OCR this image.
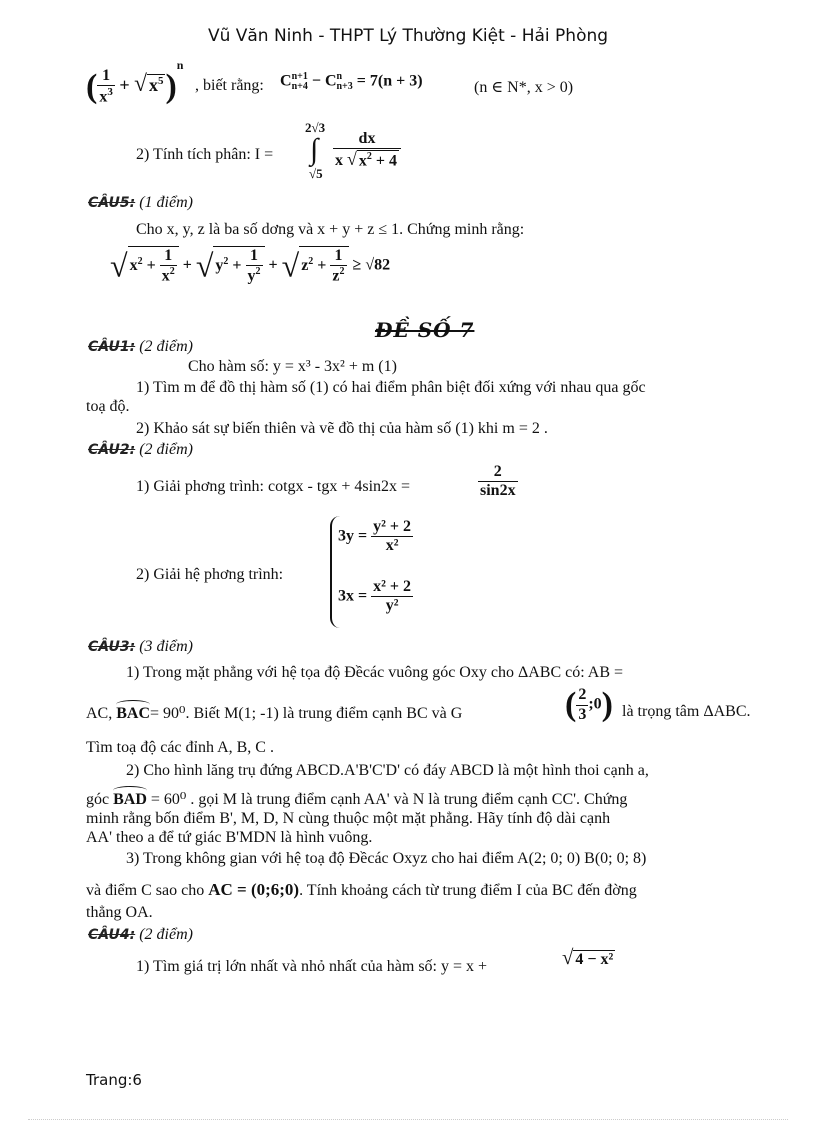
Vũ Văn Ninh - THPT Lý Thường Kiệt - Hải Phòng
( $\frac{1}{x^3}$ + √ $x^5)^n$
, biết rằng: C n+1
n+4 − C n
n+3 = 7(n + 3)	(n ∈ N*, x > 0)
2) Tính tích phân: I =
2√3
∫
√5
$\frac{dx}{x √ x^2 + 4}$
CÂU5: (1 điểm)
Cho x, y, z là ba số dơng và x + y + z ≤ 1. Chứng minh rằng:
√ $x^2 + \frac{1}{x^2}$ + √ $y^2 + \frac{1}{y^2}$ + √ $z^2 + \frac{1}{z^2} \ge √82$
ĐỀ SỐ 7
CÂU1: (2 điểm)
Cho hàm số: y = x³ - 3x² + m (1)
1) Tìm m để đồ thị hàm số (1) có hai điểm phân biệt đối xứng với nhau qua gốc
toạ độ.
2) Khảo sát sự biến thiên và vẽ đồ thị của hàm số (1) khi m = 2 .
CÂU2: (2 điểm)
1) Giải phơng trình: cotgx - tgx + 4sin2x =	$\frac{2}{\sin 2x}$
2) Giải hệ phơng trình:
$3y = \frac{\text{y² + 2}}{\text{x²}}$
$3x = \frac{\text{x² + 2}}{\text{y²}}$
CÂU3: (3 điểm)
1) Trong mặt phẳng với hệ tọa độ Đềcác vuông góc Oxy cho ΔABC có: AB =
AC, BAC= 90⁰. Biết M(1; -1) là trung điểm cạnh BC và G	( $\frac{2}{3}$ ;0) là trọng tâm ΔABC.
Tìm toạ độ các đỉnh A, B, C .
2) Cho hình lăng trụ đứng ABCD.A'B'C'D' có đáy ABCD là một hình thoi cạnh a,
góc BAD = 60⁰ . gọi M là trung điểm cạnh AA' và N là trung điểm cạnh CC'. Chứng
minh rằng bốn điểm B', M, D, N cùng thuộc một mặt phẳng. Hãy tính độ dài cạnh
AA' theo a để tứ giác B'MDN là hình vuông.
3) Trong không gian với hệ toạ độ Đềcác Oxyz cho hai điểm A(2; 0; 0) B(0; 0; 8)
và điểm C sao cho AC = (0;6;0). Tính khoảng cách từ trung điểm I của BC đến đờng
thẳng OA.
CÂU4: (2 điểm)
1) Tìm giá trị lớn nhất và nhỏ nhất của hàm số: y = x +	√ 4 − x²
Trang:6
